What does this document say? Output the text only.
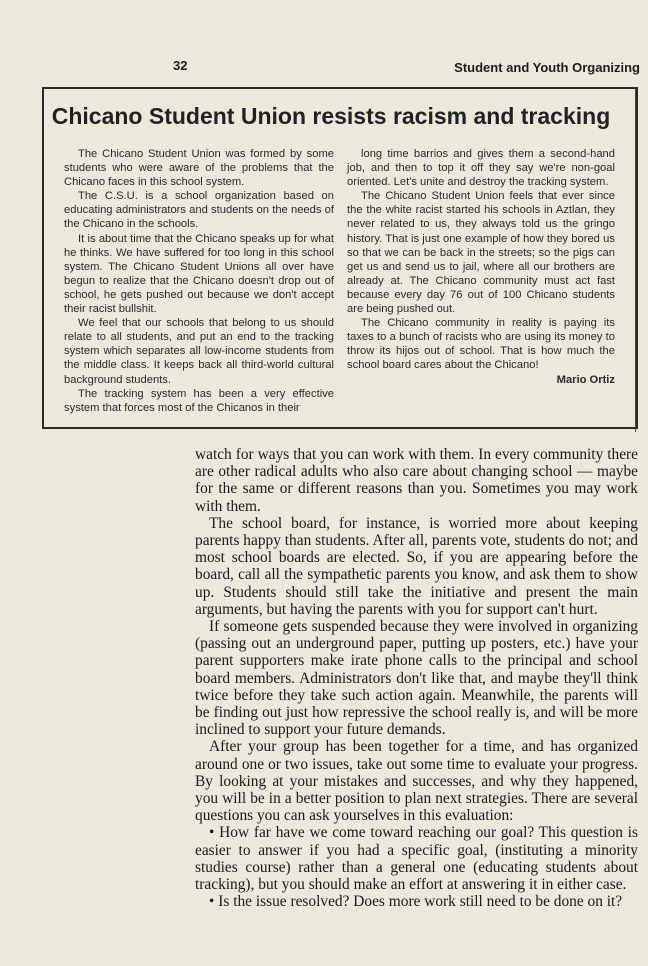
32	Student and Youth Organizing
Chicano Student Union resists racism and tracking

The Chicano Student Union was formed by some students who were aware of the problems that the Chicano faces in this school system.

The C.S.U. is a school organization based on educating administrators and students on the needs of the Chicano in the schools.

It is about time that the Chicano speaks up for what he thinks. We have suffered for too long in this school system. The Chicano Student Unions all over have begun to realize that the Chicano doesn't drop out of school, he gets pushed out because we don't accept their racist bullshit.

We feel that our schools that belong to us should relate to all students, and put an end to the tracking system which separates all low-income students from the middle class. It keeps back all third-world cultural background students.

The tracking system has been a very effective system that forces most of the Chicanos in their

long time barrios and gives them a second-hand job, and then to top it off they say we're non-goal oriented. Let's unite and destroy the tracking system.

The Chicano Student Union feels that ever since the the white racist started his schools in Aztlan, they never related to us, they always told us the gringo history. That is just one example of how they bored us so that we can be back in the streets; so the pigs can get us and send us to jail, where all our brothers are already at. The Chicano community must act fast because every day 76 out of 100 Chicano students are being pushed out.

The Chicano community in reality is paying its taxes to a bunch of racists who are using its money to throw its hijos out of school. That is how much the school board cares about the Chicano!

Mario Ortiz

watch for ways that you can work with them. In every community there are other radical adults who also care about changing school — maybe for the same or different reasons than you. Sometimes you may work with them.

The school board, for instance, is worried more about keeping parents happy than students. After all, parents vote, students do not; and most school boards are elected. So, if you are appearing before the board, call all the sympathetic parents you know, and ask them to show up. Students should still take the initiative and present the main arguments, but having the parents with you for support can't hurt.

If someone gets suspended because they were involved in organizing (passing out an underground paper, putting up posters, etc.) have your parent supporters make irate phone calls to the principal and school board members. Administrators don't like that, and maybe they'll think twice before they take such action again. Meanwhile, the parents will be finding out just how repressive the school really is, and will be more inclined to support your future demands.

After your group has been together for a time, and has organized around one or two issues, take out some time to evaluate your progress. By looking at your mistakes and successes, and why they happened, you will be in a better position to plan next strategies. There are several questions you can ask yourselves in this evaluation:

• How far have we come toward reaching our goal? This question is easier to answer if you had a specific goal, (instituting a minority studies course) rather than a general one (educating students about tracking), but you should make an effort at answering it in either case.

• Is the issue resolved? Does more work still need to be done on it?
